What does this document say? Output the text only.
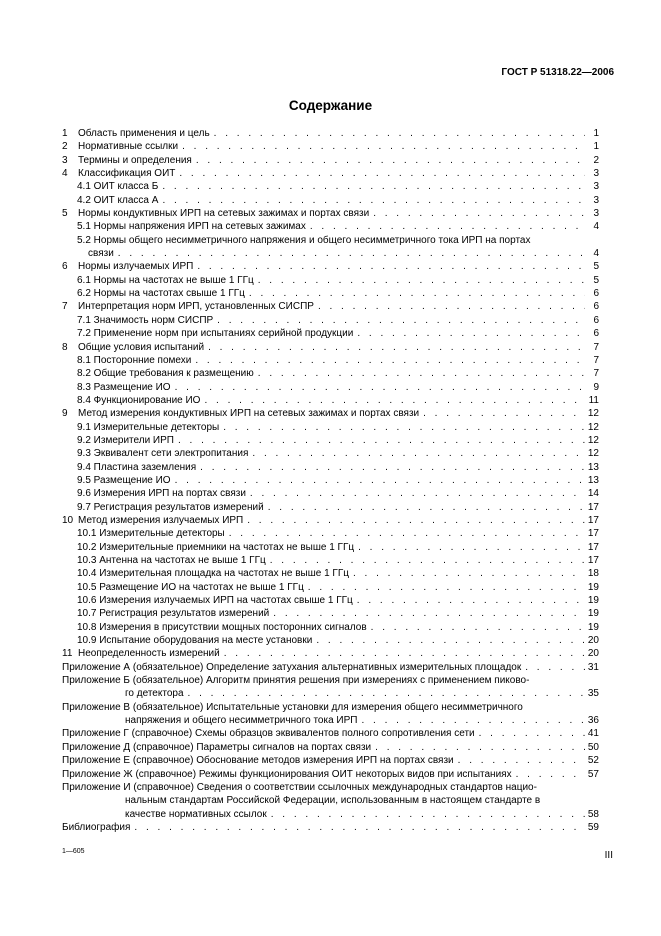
ГОСТ Р 51318.22—2006
Содержание
1 Область применения и цель . . .	1
2 Нормативные ссылки . . .	1
3 Термины и определения . . .	2
4 Классификация ОИТ . . .	3
4.1 ОИТ класса Б . . .	3
4.2 ОИТ класса А . . .	3
5 Нормы кондуктивных ИРП на сетевых зажимах и портах связи . . .	3
5.1 Нормы напряжения ИРП на сетевых зажимах . . .	4
5.2 Нормы общего несимметричного напряжения и общего несимметричного тока ИРП на портах
связи . . .	4
6 Нормы излучаемых ИРП . . .	5
6.1 Нормы на частотах не выше 1 ГГц . . .	5
6.2 Нормы на частотах свыше 1 ГГц . . .	6
7 Интерпретация норм ИРП, установленных СИСПР . . .	6
7.1 Значимость норм СИСПР . . .	6
7.2 Применение норм при испытаниях серийной продукции . . .	6
8 Общие условия испытаний . . .	7
8.1 Посторонние помехи . . .	7
8.2 Общие требования к размещению . . .	7
8.3 Размещение ИО . . .	9
8.4 Функционирование ИО . . .	11
9 Метод измерения кондуктивных ИРП на сетевых зажимах и портах связи . . .	12
9.1 Измерительные детекторы . . .	12
9.2 Измерители ИРП . . .	12
9.3 Эквивалент сети электропитания . . .	12
9.4 Пластина заземления . . .	13
9.5 Размещение ИО . . .	13
9.6 Измерения ИРП на портах связи . . .	14
9.7 Регистрация результатов измерений . . .	17
10 Метод измерения излучаемых ИРП . . .	17
10.1 Измерительные детекторы . . .	17
10.2 Измерительные приемники на частотах не выше 1 ГГц . . .	17
10.3 Антенна на частотах не выше 1 ГГц . . .	17
10.4 Измерительная площадка на частотах не выше 1 ГГц . . .	18
10.5 Размещение ИО на частотах не выше 1 ГГц . . .	19
10.6 Измерения излучаемых ИРП на частотах свыше 1 ГГц . . .	19
10.7 Регистрация результатов измерений . . .	19
10.8 Измерения в присутствии мощных посторонних сигналов . . .	19
10.9 Испытание оборудования на месте установки . . .	20
11 Неопределенность измерений . . .	20
Приложение А (обязательное) Определение затухания альтернативных измерительных площадок . . .	31
Приложение Б (обязательное) Алгоритм принятия решения при измерениях с применением пиково-
го детектора . . .	35
Приложение В (обязательное) Испытательные установки для измерения общего несимметричного
напряжения и общего несимметричного тока ИРП . . .	36
Приложение Г (справочное) Схемы образцов эквивалентов полного сопротивления сети . . .	41
Приложение Д (справочное) Параметры сигналов на портах связи . . .	50
Приложение Е (справочное) Обоснование методов измерения ИРП на портах связи . . .	52
Приложение Ж (справочное) Режимы функционирования ОИТ некоторых видов при испытаниях . . .	57
Приложение И (справочное) Сведения о соответствии ссылочных международных стандартов нацио-
нальным стандартам Российской Федерации, использованным в настоящем стандарте в
качестве нормативных ссылок . . .	58
Библиография . . .	59
1—605	III
